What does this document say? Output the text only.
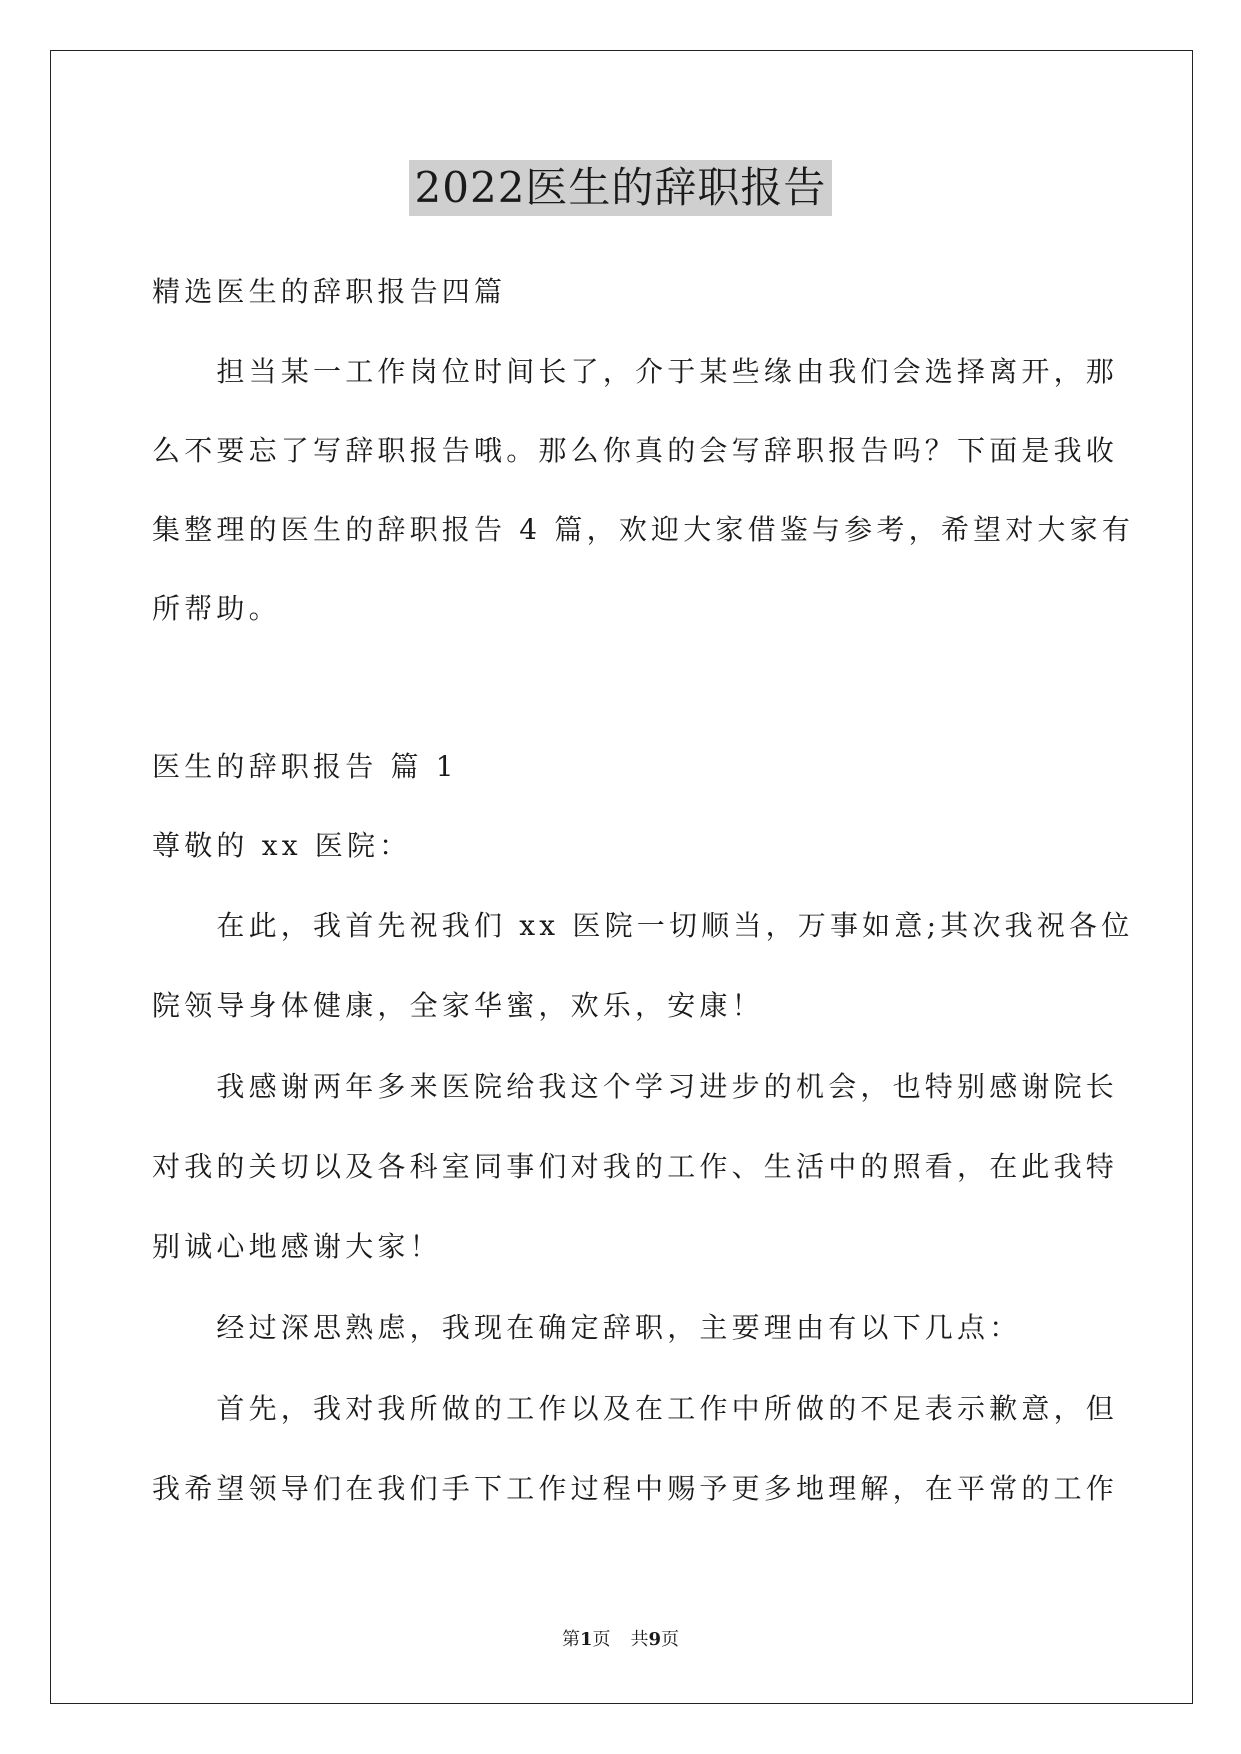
2022医生的辞职报告
精选医生的辞职报告四篇
　　担当某一工作岗位时间长了，介于某些缘由我们会选择离开，那
么不要忘了写辞职报告哦。那么你真的会写辞职报告吗？下面是我收
集整理的医生的辞职报告 4 篇，欢迎大家借鉴与参考，希望对大家有
所帮助。
医生的辞职报告 篇 1
尊敬的 xx 医院：
　　在此，我首先祝我们 xx 医院一切顺当，万事如意;其次我祝各位
院领导身体健康，全家华蜜，欢乐，安康！
　　我感谢两年多来医院给我这个学习进步的机会，也特别感谢院长
对我的关切以及各科室同事们对我的工作、生活中的照看，在此我特
别诚心地感谢大家！
　　经过深思熟虑，我现在确定辞职，主要理由有以下几点：
　　首先，我对我所做的工作以及在工作中所做的不足表示歉意，但
我希望领导们在我们手下工作过程中赐予更多地理解，在平常的工作
第1页 共9页
